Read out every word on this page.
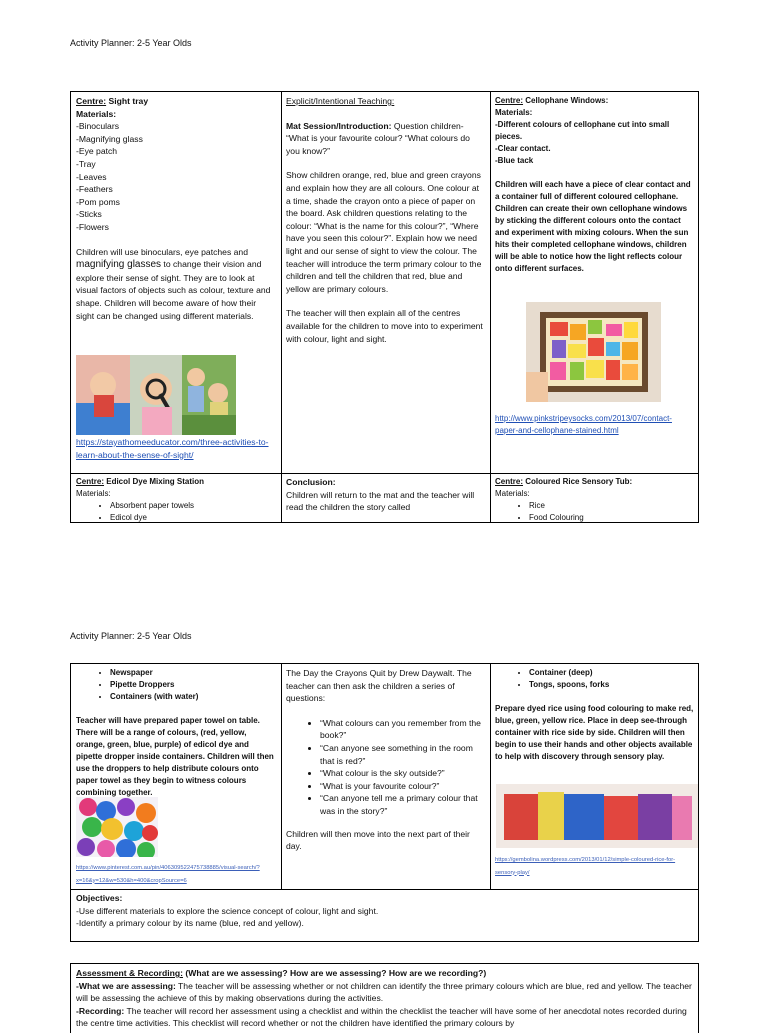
Activity Planner: 2-5 Year Olds
Centre: Sight tray
Materials:
-Binoculars
-Magnifying glass
-Eye patch
-Tray
-Leaves
-Feathers
-Pom poms
-Sticks
-Flowers

Children will use binoculars, eye patches and magnifying glasses to change their vision and explore their sense of sight. They are to look at visual factors of objects such as colour, texture and shape. Children will become aware of how their sight can be changed using different materials.

https://stayathomeeducator.com/three-activities-to-learn-about-the-sense-of-sight/
Explicit/Intentional Teaching:

Mat Session/Introduction: Question children- “What is your favourite colour? “What colours do you know?”

Show children orange, red, blue and green crayons and explain how they are all colours. One colour at a time, shade the crayon onto a piece of paper on the board. Ask children questions relating to the colour: “What is the name for this colour?”, “Where have you seen this colour?”. Explain how we need light and our sense of sight to view the colour. The teacher will introduce the term primary colour to the children and tell the children that red, blue and yellow are primary colours.

The teacher will then explain all of the centres available for the children to move into to experiment with colour, light and sight.

Centre: Cellophane Windows:
Materials:
-Different colours of cellophane cut into small pieces.
-Clear contact.
-Blue tack

Children will each have a piece of clear contact and a container full of different coloured cellophane. Children can create their own cellophane windows by sticking the different colours onto the contact and experiment with mixing colours. When the sun hits their completed cellophane windows, children will be able to notice how the light reflects colour onto different surfaces.

http://www.pinkstripeysocks.com/2013/07/contact-paper-and-cellophane-stained.html
Centre: Edicol Dye Mixing Station
Materials:
• Absorbent paper towels
• Edicol dye
Conclusion:
Children will return to the mat and the teacher will read the children the story called
Centre: Coloured Rice Sensory Tub:
Materials:
• Rice
• Food Colouring
Activity Planner: 2-5 Year Olds
• Newspaper
• Pipette Droppers
• Containers (with water)

Teacher will have prepared paper towel on table. There will be a range of colours, (red, yellow, orange, green, blue, purple) of edicol dye and pipette dropper inside containers. Children will then use the droppers to help distribute colours onto paper towel as they begin to witness colours combining together.

https://www.pinterest.com.au/pin/406309522475738885/visual-search/?x=16&y=12&w=530&h=400&cropSource=6
The Day the Crayons Quit by Drew Daywalt. The teacher can then ask the children a series of questions:
• “What colours can you remember from the book?”
• “Can anyone see something in the room that is red?”
• “What colour is the sky outside?”
• “What is your favourite colour?”
• “Can anyone tell me a primary colour that was in the story?”
Children will then move into the next part of their day.
• Container (deep)
• Tongs, spoons, forks

Prepare dyed rice using food colouring to make red, blue, green, yellow rice. Place in deep see-through container with rice side by side. Children will then begin to use their hands and other objects available to help with discovery through sensory play.

https://gembolina.wordpress.com/2013/01/12/simple-coloured-rice-for-sensory-play/
Objectives:
-Use different materials to explore the science concept of colour, light and sight.
-Identify a primary colour by its name (blue, red and yellow).
Assessment & Recording: (What are we assessing? How are we assessing? How are we recording?)

-What we are assessing: The teacher will be assessing whether or not children can identify the three primary colours which are blue, red and yellow. The teacher will be assessing the achieve of this by making observations during the activities.

-Recording: The teacher will record her assessment using a checklist and within the checklist the teacher will have some of her anecdotal notes recorded during the centre time activities. This checklist will record whether or not the children have identified the primary colours by
